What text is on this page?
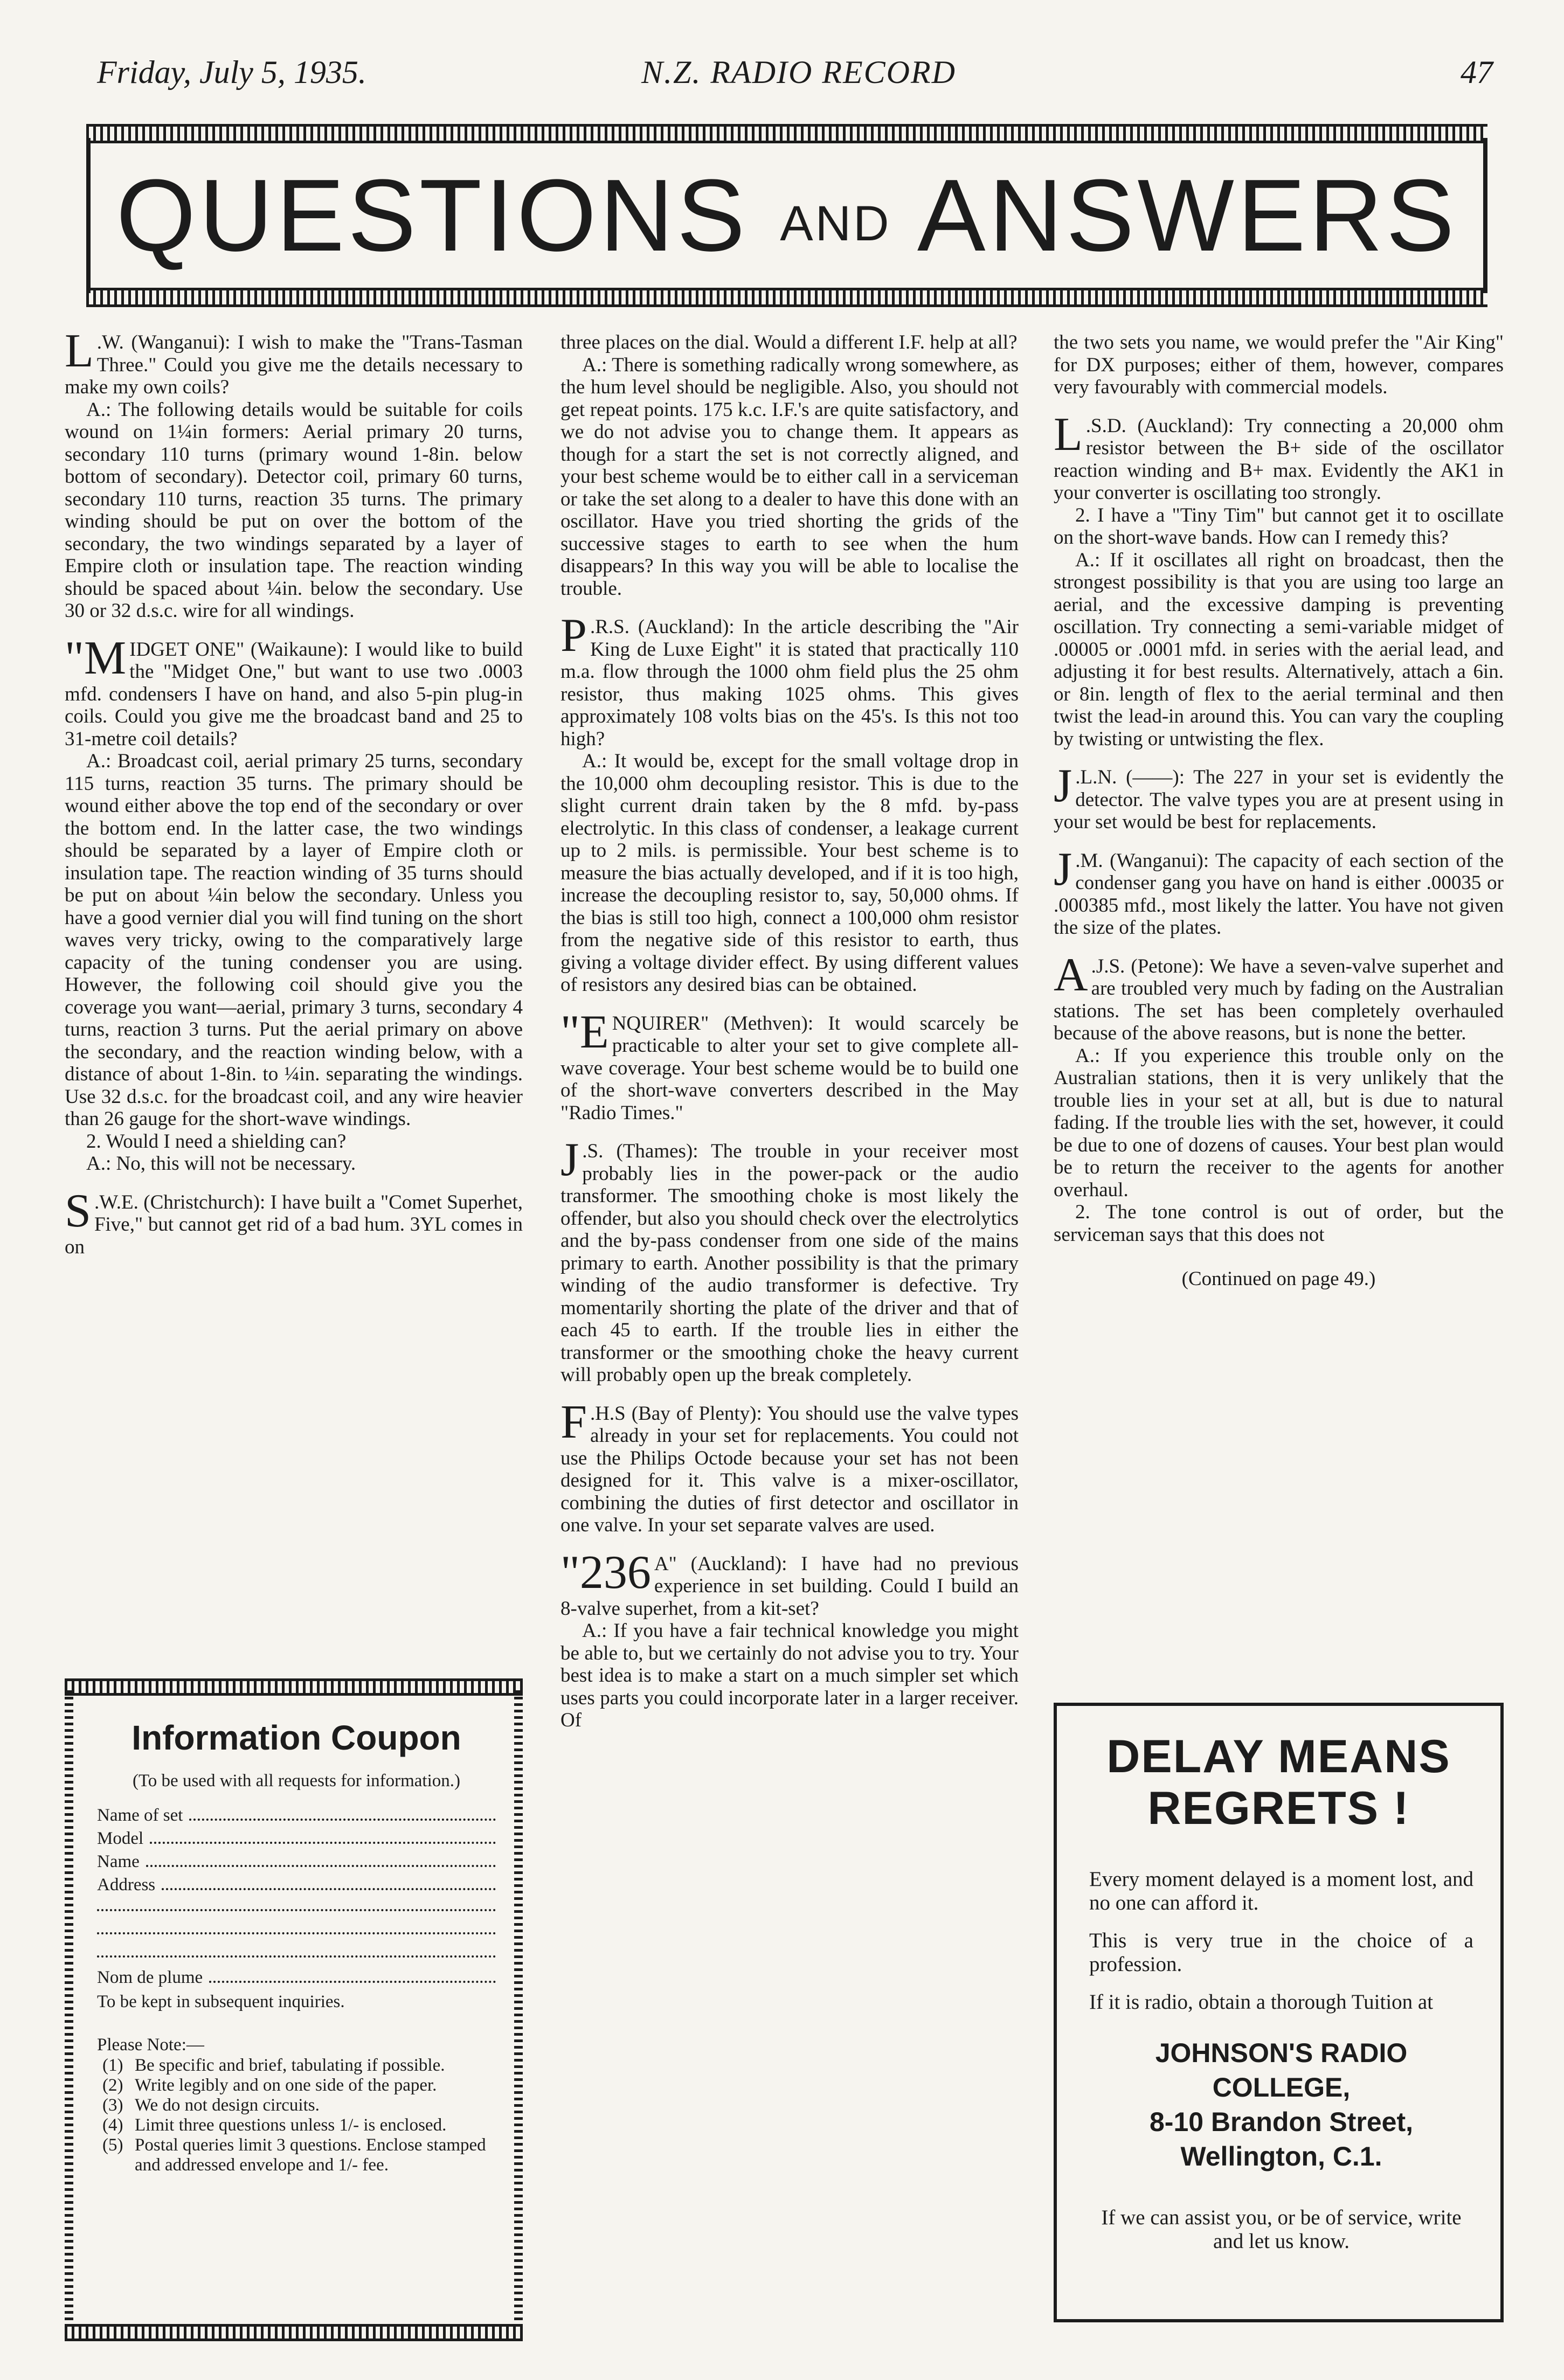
Friday, July 5, 1935.	N.Z. RADIO RECORD	47
QUESTIONS AND ANSWERS

L .W. (Wanganui): I wish to make the "Trans-Tasman Three." Could you give me the details necessary to make my own coils?

A.: The following details would be suitable for coils wound on 1¼in formers: Aerial primary 20 turns, secondary 110 turns (primary wound 1-8in. below bottom of secondary). Detector coil, primary 60 turns, secondary 110 turns, reaction 35 turns. The primary winding should be put on over the bottom of the secondary, the two windings separated by a layer of Empire cloth or insulation tape. The reaction winding should be spaced about ¼in. below the secondary. Use 30 or 32 d.s.c. wire for all windings.

"MIDGET ONE" (Waikaune): I would like to build the "Midget One," but want to use two .0003 mfd. condensers I have on hand, and also 5-pin plug-in coils. Could you give me the broadcast band and 25 to 31-metre coil details?

A.: Broadcast coil, aerial primary 25 turns, secondary 115 turns, reaction 35 turns. The primary should be wound either above the top end of the secondary or over the bottom end. In the latter case, the two windings should be separated by a layer of Empire cloth or insulation tape. The reaction winding of 35 turns should be put on about ¼in below the secondary. Unless you have a good vernier dial you will find tuning on the short waves very tricky, owing to the comparatively large capacity of the tuning condenser you are using. However, the following coil should give you the coverage you want—aerial, primary 3 turns, secondary 4 turns, reaction 3 turns. Put the aerial primary on above the secondary, and the reaction winding below, with a distance of about 1-8in. to ¼in. separating the windings. Use 32 d.s.c. for the broadcast coil, and any wire heavier than 26 gauge for the short-wave windings.

2. Would I need a shielding can?

A.: No, this will not be necessary.

S .W.E. (Christchurch): I have built a "Comet Superhet, Five," but cannot get rid of a bad hum. 3YL comes in on

three places on the dial. Would a different I.F. help at all?

A.: There is something radically wrong somewhere, as the hum level should be negligible. Also, you should not get repeat points. 175 k.c. I.F.'s are quite satisfactory, and we do not advise you to change them. It appears as though for a start the set is not correctly aligned, and your best scheme would be to either call in a serviceman or take the set along to a dealer to have this done with an oscillator. Have you tried shorting the grids of the successive stages to earth to see when the hum disappears? In this way you will be able to localise the trouble.

P .R.S. (Auckland): In the article describing the "Air King de Luxe Eight" it is stated that practically 110 m.a. flow through the 1000 ohm field plus the 25 ohm resistor, thus making 1025 ohms. This gives approximately 108 volts bias on the 45's. Is this not too high?

A.: It would be, except for the small voltage drop in the 10,000 ohm decoupling resistor. This is due to the slight current drain taken by the 8 mfd. by-pass electrolytic. In this class of condenser, a leakage current up to 2 mils. is permissible. Your best scheme is to measure the bias actually developed, and if it is too high, increase the decoupling resistor to, say, 50,000 ohms. If the bias is still too high, connect a 100,000 ohm resistor from the negative side of this resistor to earth, thus giving a voltage divider effect. By using different values of resistors any desired bias can be obtained.

"ENQUIRER" (Methven): It would scarcely be practicable to alter your set to give complete all-wave coverage. Your best scheme would be to build one of the short-wave converters described in the May "Radio Times."

J .S. (Thames): The trouble in your receiver most probably lies in the power-pack or the audio transformer. The smoothing choke is most likely the offender, but also you should check over the electrolytics and the by-pass condenser from one side of the mains primary to earth. Another possibility is that the primary winding of the audio transformer is defective. Try momentarily shorting the plate of the driver and that of each 45 to earth. If the trouble lies in either the transformer or the smoothing choke the heavy current will probably open up the break completely.

F .H.S (Bay of Plenty): You should use the valve types already in your set for replacements. You could not use the Philips Octode because your set has not been designed for it. This valve is a mixer-oscillator, combining the duties of first detector and oscillator in one valve. In your set separate valves are used.

"236 A" (Auckland): I have had no previous experience in set building. Could I build an 8-valve superhet, from a kit-set?

A.: If you have a fair technical knowledge you might be able to, but we certainly do not advise you to try. Your best idea is to make a start on a much simpler set which uses parts you could incorporate later in a larger receiver. Of

the two sets you name, we would prefer the "Air King" for DX purposes; either of them, however, compares very favourably with commercial models.

L .S.D. (Auckland): Try connecting a 20,000 ohm resistor between the B+ side of the oscillator reaction winding and B+ max. Evidently the AK1 in your converter is oscillating too strongly.

2. I have a "Tiny Tim" but cannot get it to oscillate on the short-wave bands. How can I remedy this?

A.: If it oscillates all right on broadcast, then the strongest possibility is that you are using too large an aerial, and the excessive damping is preventing oscillation. Try connecting a semi-variable midget of .00005 or .0001 mfd. in series with the aerial lead, and adjusting it for best results. Alternatively, attach a 6in. or 8in. length of flex to the aerial terminal and then twist the lead-in around this. You can vary the coupling by twisting or untwisting the flex.

J .L.N. (——): The 227 in your set is evidently the detector. The valve types you are at present using in your set would be best for replacements.

J .M. (Wanganui): The capacity of each section of the condenser gang you have on hand is either .00035 or .000385 mfd., most likely the latter. You have not given the size of the plates.

A .J.S. (Petone): We have a seven-valve superhet and are troubled very much by fading on the Australian stations. The set has been completely overhauled because of the above reasons, but is none the better.

A.: If you experience this trouble only on the Australian stations, then it is very unlikely that the trouble lies in your set at all, but is due to natural fading. If the trouble lies with the set, however, it could be due to one of dozens of causes. Your best plan would be to return the receiver to the agents for another overhaul.

2. The tone control is out of order, but the serviceman says that this does not

(Continued on page 49.)
Information Coupon
(To be used with all requests for information.)
Name of set
Model
Name
Address
Nom de plume
To be kept in subsequent inquiries.
Please Note:—
(1) Be specific and brief, tabulating if possible.
(2) Write legibly and on one side of the paper.
(3) We do not design circuits.
(4) Limit three questions unless 1/- is enclosed.
(5) Postal queries limit 3 questions. Enclose stamped and addressed envelope and 1/- fee.
DELAY MEANS
REGRETS !

Every moment delayed is a moment lost, and no one can afford it.

This is very true in the choice of a profession.

If it is radio, obtain a thorough Tuition at

JOHNSON'S RADIO
COLLEGE,
8-10 Brandon Street,
Wellington, C.1.
If we can assist you, or be of service, write and let us know.
